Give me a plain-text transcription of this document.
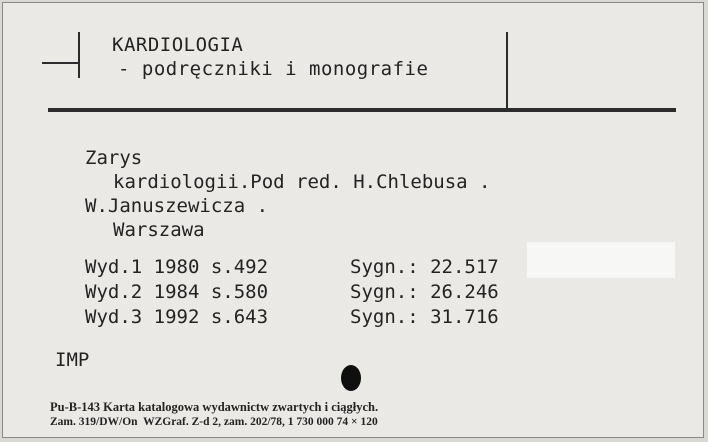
KARDIOLOGIA
- podręczniki i monografie
Zarys
kardiologii.Pod red. H.Chlebusa .
W.Januszewicza .
Warszawa
Wyd.1 1980 s.492
Wyd.2 1984 s.580
Wyd.3 1992 s.643
Sygn.: 22.517
Sygn.: 26.246
Sygn.: 31.716
IMP
Pu-B-143 Karta katalogowa wydawnictw zwartych i ciągłych.
Zam. 319/DW/On  WZGraf. Z-d 2, zam. 202/78, 1 730 000 74 × 120
